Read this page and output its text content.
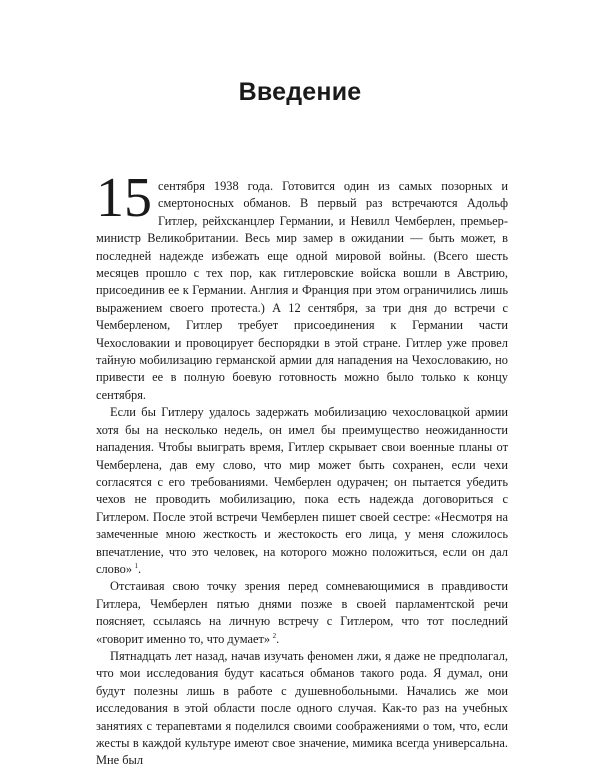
Введение

15 сентября 1938 года. Готовится один из самых позорных и смертоносных обманов. В первый раз встречаются Адольф Гитлер, рейхсканцлер Германии, и Невилл Чемберлен, премьер-министр Великобритании. Весь мир замер в ожидании — быть может, в последней надежде избежать еще одной мировой войны. (Всего шесть месяцев прошло с тех пор, как гитлеровские войска вошли в Австрию, присоединив ее к Германии. Англия и Франция при этом ограничились лишь выражением своего протеста.) А 12 сентября, за три дня до встречи с Чемберленом, Гитлер требует присоединения к Германии части Чехословакии и провоцирует беспорядки в этой стране. Гитлер уже провел тайную мобилизацию германской армии для нападения на Чехословакию, но привести ее в полную боевую готовность можно было только к концу сентября.

Если бы Гитлеру удалось задержать мобилизацию чехословацкой армии хотя бы на несколько недель, он имел бы преимущество неожиданности нападения. Чтобы выиграть время, Гитлер скрывает свои военные планы от Чемберлена, дав ему слово, что мир может быть сохранен, если чехи согласятся с его требованиями. Чемберлен одурачен; он пытается убедить чехов не проводить мобилизацию, пока есть надежда договориться с Гитлером. После этой встречи Чемберлен пишет своей сестре: «Несмотря на замеченные мною жесткость и жестокость его лица, у меня сложилось впечатление, что это человек, на которого можно положиться, если он дал слово»  $^1$.

Отстаивая свою точку зрения перед сомневающимися в правдивости Гитлера, Чемберлен пятью днями позже в своей парламентской речи поясняет, ссылаясь на личную встречу с Гитлером, что тот последний «говорит именно то, что думает»  $^2$.

Пятнадцать лет назад, начав изучать феномен лжи, я даже не предполагал, что мои исследования будут касаться обманов такого рода. Я думал, они будут полезны лишь в работе с душевнобольными. Начались же мои исследования в этой области после одного случая. Как-то раз на учебных занятиях с терапевтами я поделился своими соображениями о том, что, если жесты в каждой культуре имеют свое значение, мимика всегда универсальна. Мне был
